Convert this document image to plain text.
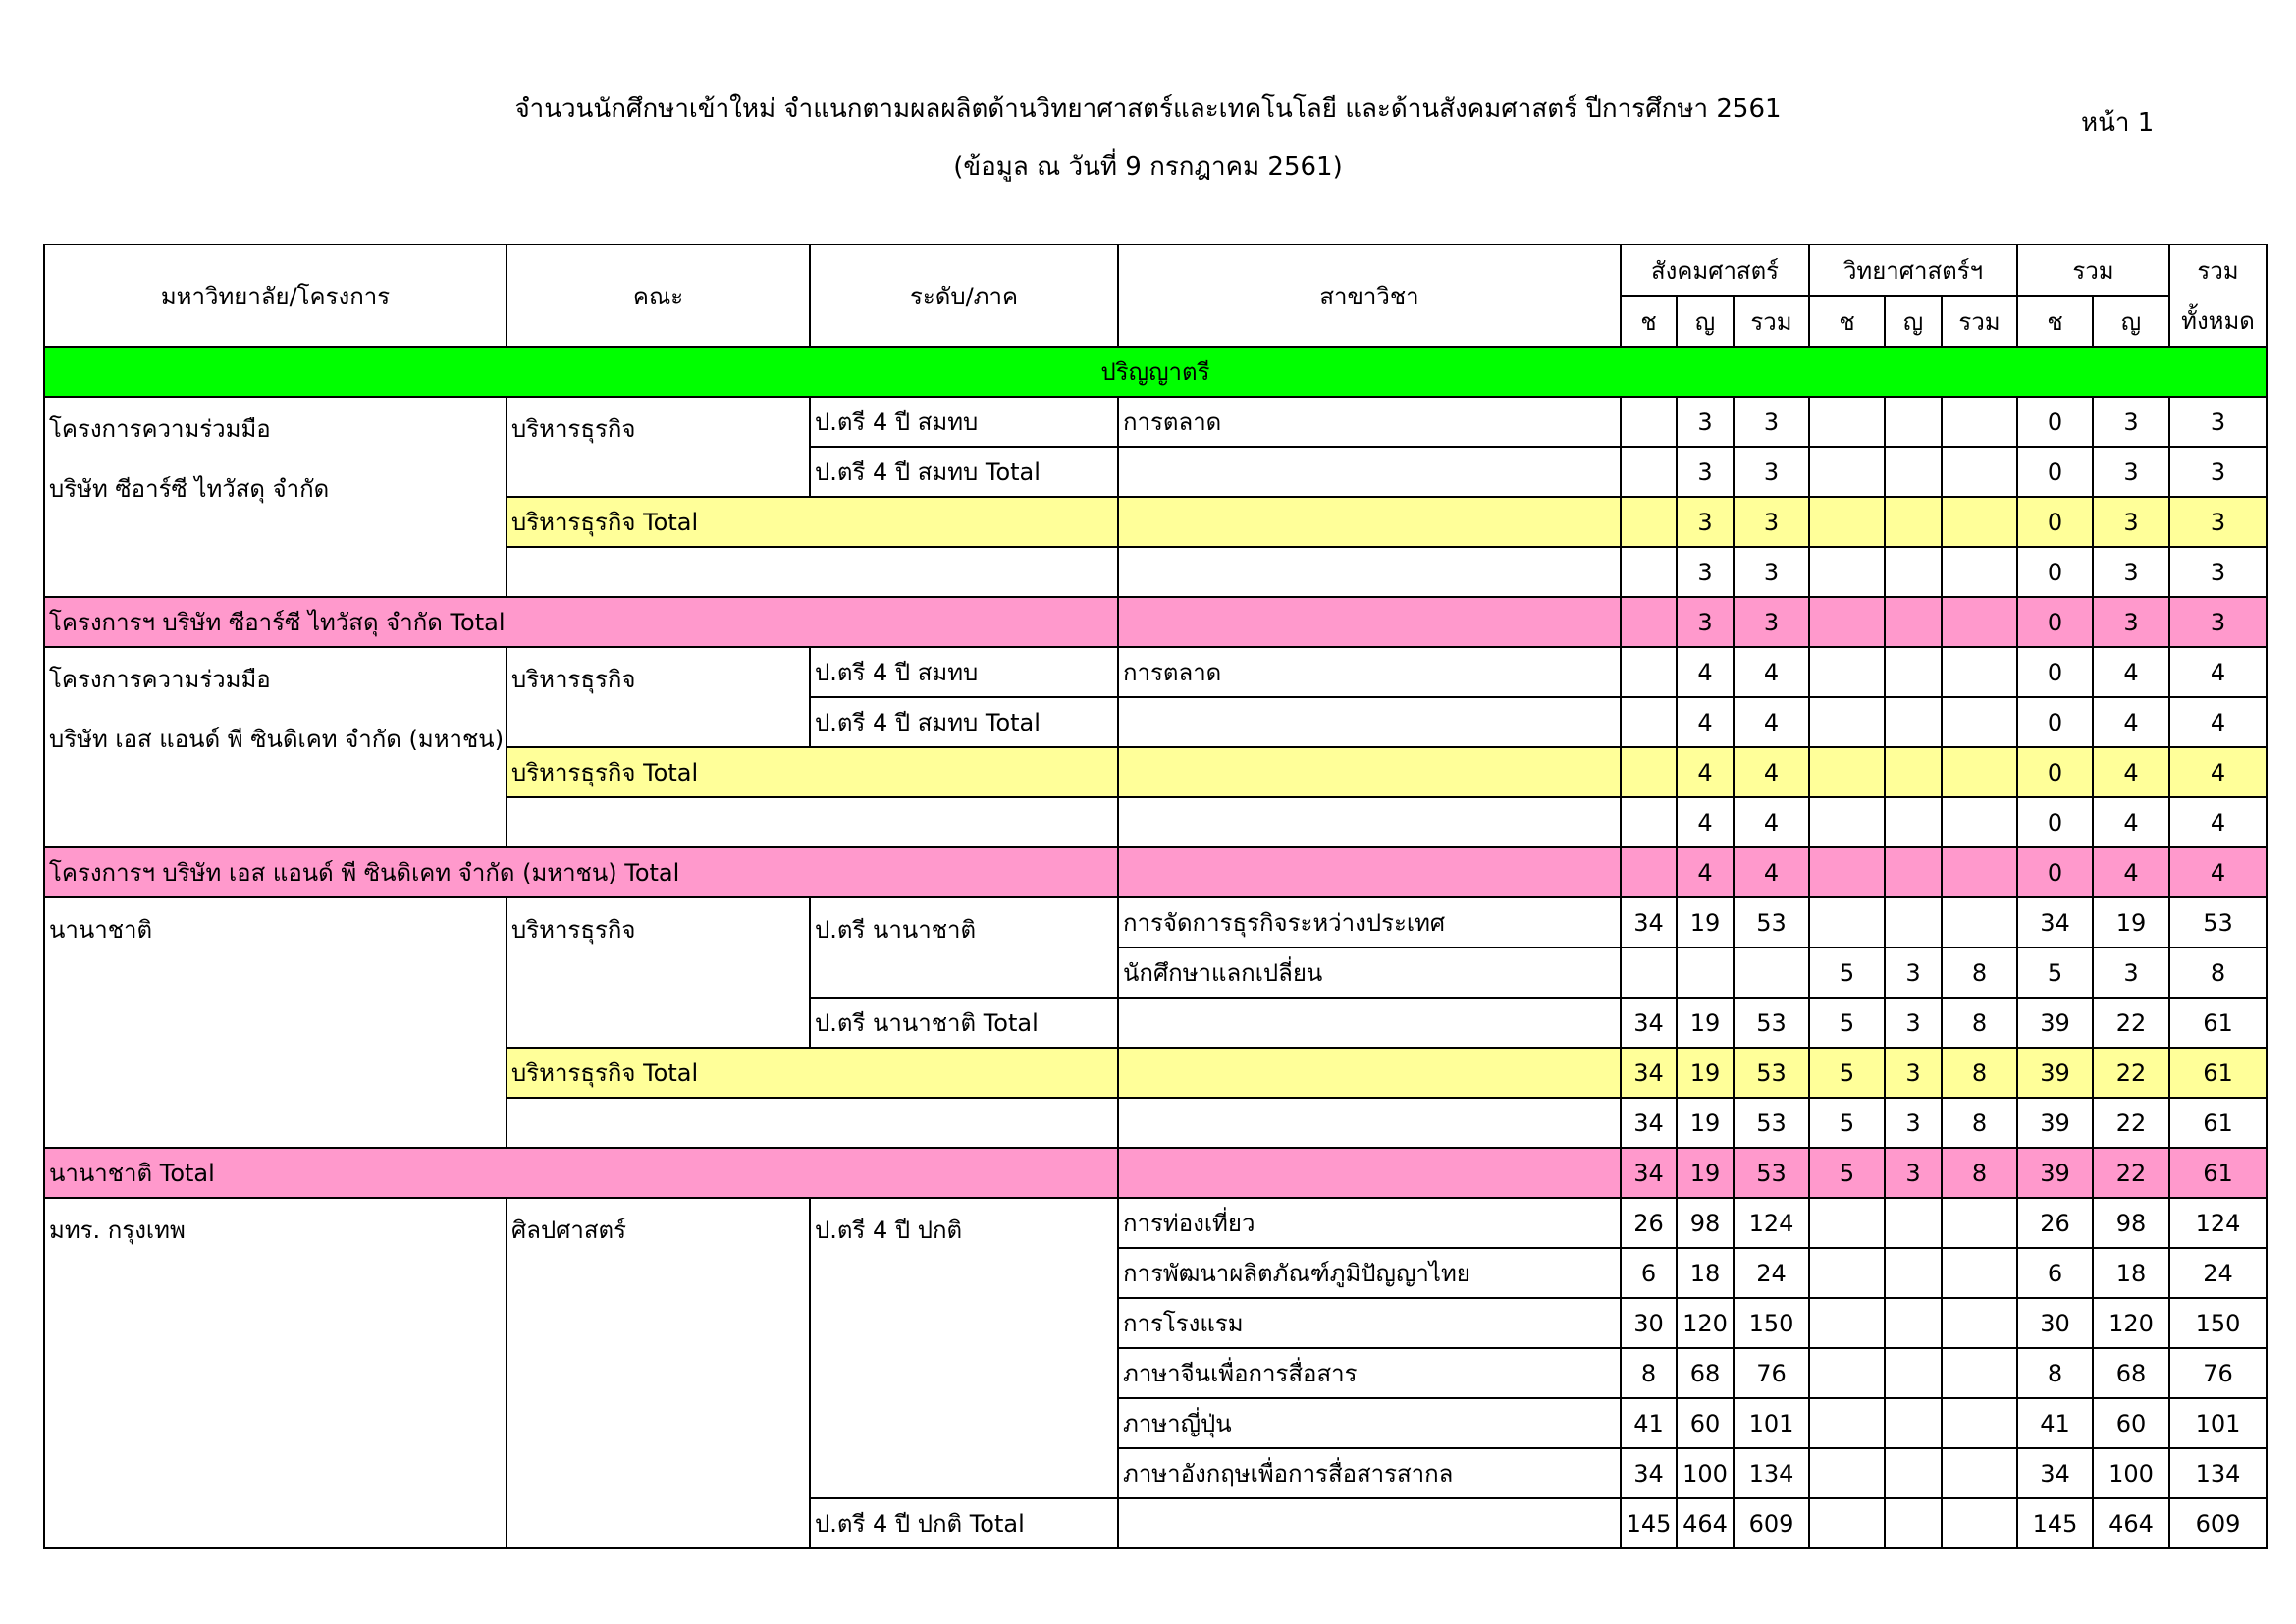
จำนวนนักศึกษาเข้าใหม่ จำแนกตามผลผลิตด้านวิทยาศาสตร์และเทคโนโลยี และด้านสังคมศาสตร์ ปีการศึกษา 2561
(ข้อมูล ณ วันที่ 9 กรกฎาคม 2561)
หน้า 1
มหาวิทยาลัย/โครงการ	คณะ	ระดับ/ภาค	สาขาวิชา	สังคมศาสตร์			วิทยาศาสตร์ฯ			รวม		รวม
				ช	ญ	รวม	ช	ญ	รวม	ช	ญ	ทั้งหมด
ปริญญาตรี												

โครงการความร่วมมือ
บริษัท ซีอาร์ซี ไทวัสดุ จำกัด	บริหารธุรกิจ	ป.ตรี 4 ปี สมทบ	การตลาด		3	3				0	3	3
		ป.ตรี 4 ปี สมทบ Total			3	3				0	3	3
	บริหารธุรกิจ Total				3	3				0	3	3
					3	3				0	3	3
โครงการฯ บริษัท ซีอาร์ซี ไทวัสดุ จำกัด Total					3	3				0	3	3

โครงการความร่วมมือ
บริษัท เอส แอนด์ พี ซินดิเคท จำกัด (มหาชน)	บริหารธุรกิจ	ป.ตรี 4 ปี สมทบ	การตลาด		4	4				0	4	4
		ป.ตรี 4 ปี สมทบ Total			4	4				0	4	4
	บริหารธุรกิจ Total				4	4				0	4	4
					4	4				0	4	4
โครงการฯ บริษัท เอส แอนด์ พี ซินดิเคท จำกัด (มหาชน) Total					4	4				0	4	4

นานาชาติ	บริหารธุรกิจ	ป.ตรี นานาชาติ	การจัดการธุรกิจระหว่างประเทศ	34	19	53				34	19	53
			นักศึกษาแลกเปลี่ยน				5	3	8	5	3	8
		ป.ตรี นานาชาติ Total		34	19	53	5	3	8	39	22	61
	บริหารธุรกิจ Total			34	19	53	5	3	8	39	22	61
				34	19	53	5	3	8	39	22	61
นานาชาติ Total				34	19	53	5	3	8	39	22	61

มทร. กรุงเทพ	ศิลปศาสตร์	ป.ตรี 4 ปี ปกติ	การท่องเที่ยว	26	98	124				26	98	124
			การพัฒนาผลิตภัณฑ์ภูมิปัญญาไทย	6	18	24				6	18	24
			การโรงแรม	30	120	150				30	120	150
			ภาษาจีนเพื่อการสื่อสาร	8	68	76				8	68	76
			ภาษาญี่ปุ่น	41	60	101				41	60	101
			ภาษาอังกฤษเพื่อการสื่อสารสากล	34	100	134				34	100	134
		ป.ตรี 4 ปี ปกติ Total		145	464	609				145	464	609
